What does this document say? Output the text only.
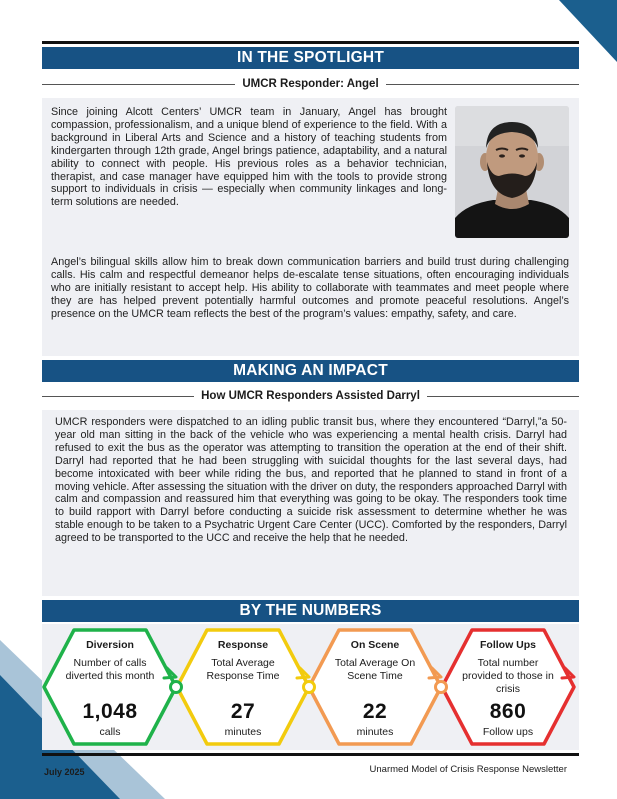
IN THE SPOTLIGHT
UMCR Responder: Angel
Since joining Alcott Centers’ UMCR team in January, Angel has brought compassion, professionalism, and a unique blend of experience to the field. With a background in Liberal Arts and Science and a history of teaching students from kindergarten through 12th grade, Angel brings patience, adaptability, and a natural ability to connect with people. His previous roles as a behavior technician, therapist, and case manager have equipped him with the tools to provide strong support to individuals in crisis — especially when community linkages and long-term solutions are needed.
Angel’s bilingual skills allow him to break down communication barriers and build trust during challenging calls. His calm and respectful demeanor helps de-escalate tense situations, often encouraging individuals who are initially resistant to accept help. His ability to collaborate with teammates and meet people where they are has helped prevent potentially harmful outcomes and promote peaceful resolutions. Angel’s presence on the UMCR team reflects the best of the program’s values: empathy, safety, and care.
MAKING AN IMPACT
How UMCR Responders Assisted Darryl
UMCR responders were dispatched to an idling public transit bus, where they encountered “Darryl,”a 50-year old man sitting in the back of the vehicle who was experiencing a mental health crisis. Darryl had refused to exit the bus as the operator was attempting to transition the operation at the end of their shift. Darryl had reported that he had been struggling with suicidal thoughts for the last several days, had become intoxicated with beer while riding the bus, and reported that he planned to stand in front of a moving vehicle. After assessing the situation with the driver on duty, the responders approached Darryl with calm and compassion and reassured him that everything was going to be okay. The responders took time to build rapport with Darryl before conducting a suicide risk assessment to determine whether he was stable enough to be taken to a Psychatric Urgent Care Center (UCC). Comforted by the responders, Darryl agreed to be transported to the UCC and receive the help that he needed.
BY THE NUMBERS
Diversion
Number of calls diverted this month
1,048
calls
Response
Total Average Response Time
27
minutes
On Scene
Total Average On Scene Time
22
minutes
Follow Ups
Total number provided to those in crisis
860
Follow ups
July 2025	Unarmed Model of Crisis Response Newsletter
